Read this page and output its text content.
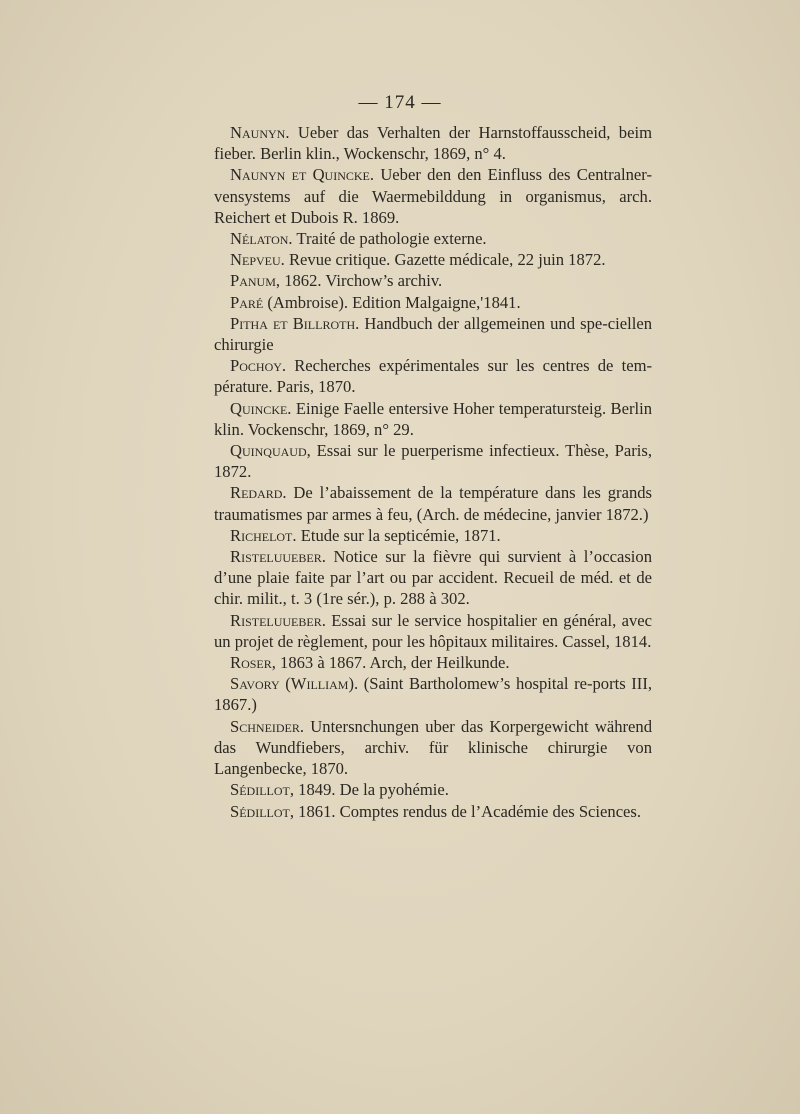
— 174 —

Naunyn. Ueber das Verhalten der Harnstoffausscheid, beim fieber. Berlin klin., Wockenschr, 1869, n° 4.

Naunyn et Quincke. Ueber den den Einfluss des Centralner-vensystems auf die Waermebilddung in organismus, arch. Reichert et Dubois R. 1869.

Nélaton. Traité de pathologie externe.

Nepveu. Revue critique. Gazette médicale, 22 juin 1872.

Panum, 1862. Virchow’s archiv.

Paré (Ambroise). Edition Malgaigne,'1841.

Pitha et Billroth. Handbuch der allgemeinen und spe-ciellen chirurgie

Pochoy. Recherches expérimentales sur les centres de tem-pérature. Paris, 1870.

Quincke. Einige Faelle entersive Hoher temperatursteig. Berlin klin. Vockenschr, 1869, n° 29.

Quinquaud, Essai sur le puerperisme infectieux. Thèse, Paris, 1872.

Redard. De l’abaissement de la température dans les grands traumatismes par armes à feu, (Arch. de médecine, janvier 1872.)

Richelot. Etude sur la septicémie, 1871.

Risteluueber. Notice sur la fièvre qui survient à l’occasion d’une plaie faite par l’art ou par accident. Recueil de méd. et de chir. milit., t. 3 (1re sér.), p. 288 à 302.

Risteluueber. Essai sur le service hospitalier en général, avec un projet de règlement, pour les hôpitaux militaires. Cassel, 1814.

Roser, 1863 à 1867. Arch, der Heilkunde.

Savory (William). (Saint Bartholomew’s hospital re-ports III, 1867.)

Schneider. Untersnchungen uber das Korpergewicht während das Wundfiebers, archiv. für klinische chirurgie von Langenbecke, 1870.

Sédillot, 1849. De la pyohémie.

Sédillot, 1861. Comptes rendus de l’Académie des Sciences.
